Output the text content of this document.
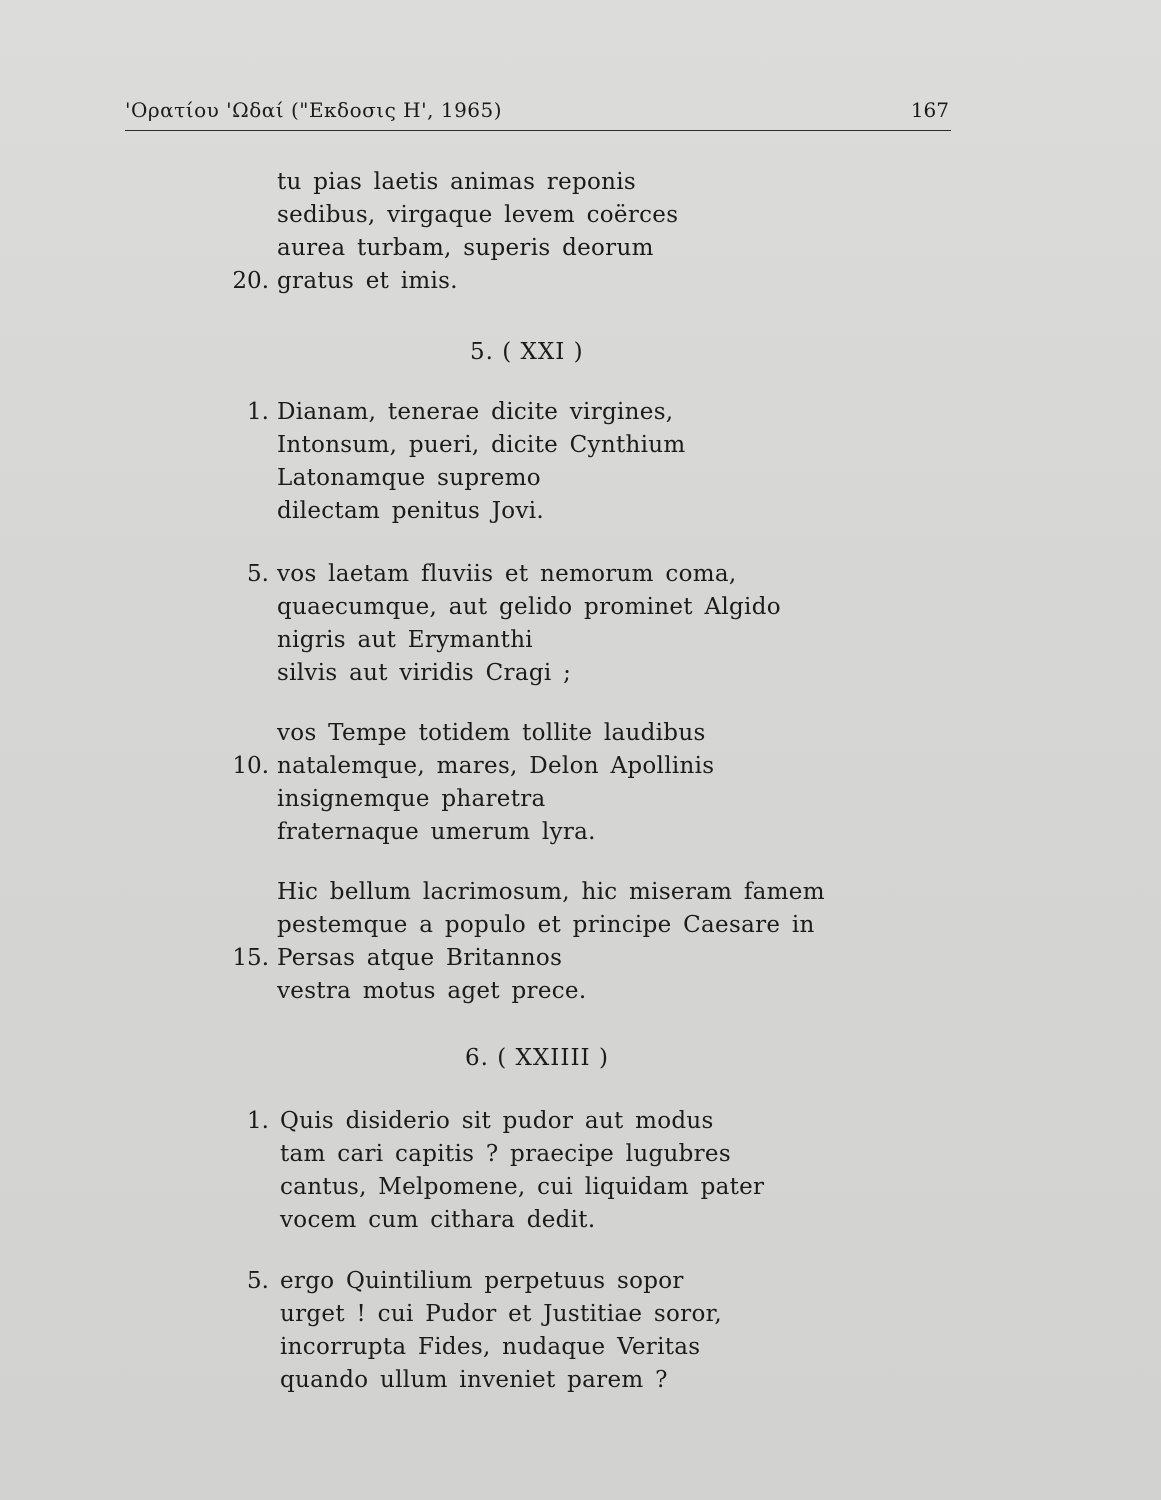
'Ορατίου 'Ωδαί ("Εκδοσις Η', 1965)	167
tu pias laetis animas reponis
sedibus, virgaque levem coërces
aurea turbam, superis deorum
gratus et imis.
20.
5. ( XXI )
Dianam, tenerae dicite virgines,
Intonsum, pueri, dicite Cynthium
Latonamque supremo
dilectam penitus Jovi.
1.
vos laetam fluviis et nemorum coma,
quaecumque, aut gelido prominet Algido
nigris aut Erymanthi
silvis aut viridis Cragi ;
5.
vos Tempe totidem tollite laudibus
natalemque, mares, Delon Apollinis
insignemque pharetra
fraternaque umerum lyra.
10.
Hic bellum lacrimosum, hic miseram famem
pestemque a populo et principe Caesare in
Persas atque Britannos
vestra motus aget prece.
15.
6. ( XXIIII )
Quis disiderio sit pudor aut modus
tam cari capitis ? praecipe lugubres
cantus, Melpomene, cui liquidam pater
vocem cum cithara dedit.
1.
ergo Quintilium perpetuus sopor
urget ! cui Pudor et Justitiae soror,
incorrupta Fides, nudaque Veritas
quando ullum inveniet parem ?
5.
